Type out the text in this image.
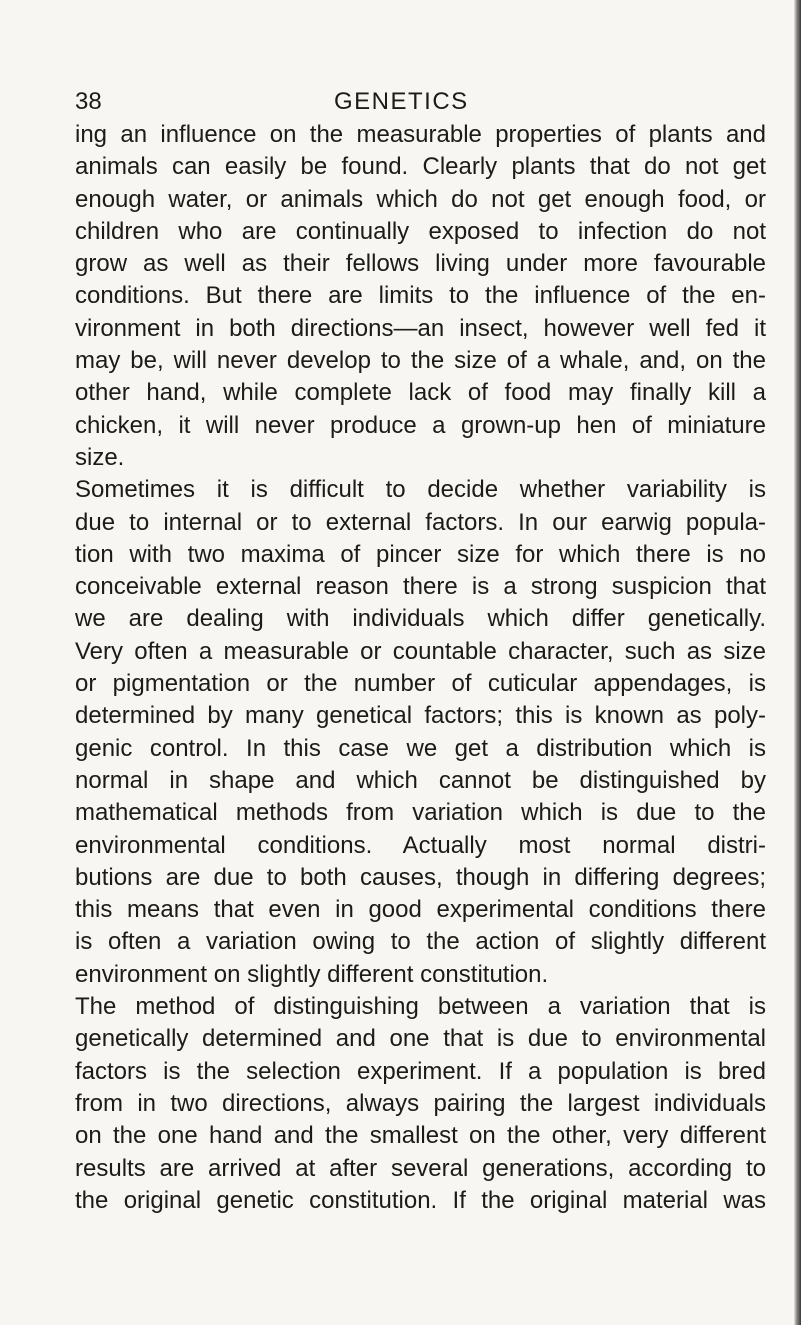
38	GENETICS
ing an influence on the measurable properties of plants and
animals can easily be found. Clearly plants that do not get
enough water, or animals which do not get enough food, or
children who are continually exposed to infection do not
grow as well as their fellows living under more favourable
conditions. But there are limits to the influence of the en-
vironment in both directions—an insect, however well fed it
may be, will never develop to the size of a whale, and, on the
other hand, while complete lack of food may finally kill a
chicken, it will never produce a grown-up hen of miniature
size.
Sometimes it is difficult to decide whether variability is
due to internal or to external factors. In our earwig popula-
tion with two maxima of pincer size for which there is no
conceivable external reason there is a strong suspicion that
we are dealing with individuals which differ genetically.
Very often a measurable or countable character, such as size
or pigmentation or the number of cuticular appendages, is
determined by many genetical factors; this is known as poly-
genic control. In this case we get a distribution which is
normal in shape and which cannot be distinguished by
mathematical methods from variation which is due to the
environmental conditions. Actually most normal distri-
butions are due to both causes, though in differing degrees;
this means that even in good experimental conditions there
is often a variation owing to the action of slightly different
environment on slightly different constitution.
The method of distinguishing between a variation that is
genetically determined and one that is due to environmental
factors is the selection experiment. If a population is bred
from in two directions, always pairing the largest individuals
on the one hand and the smallest on the other, very different
results are arrived at after several generations, according to
the original genetic constitution. If the original material was
